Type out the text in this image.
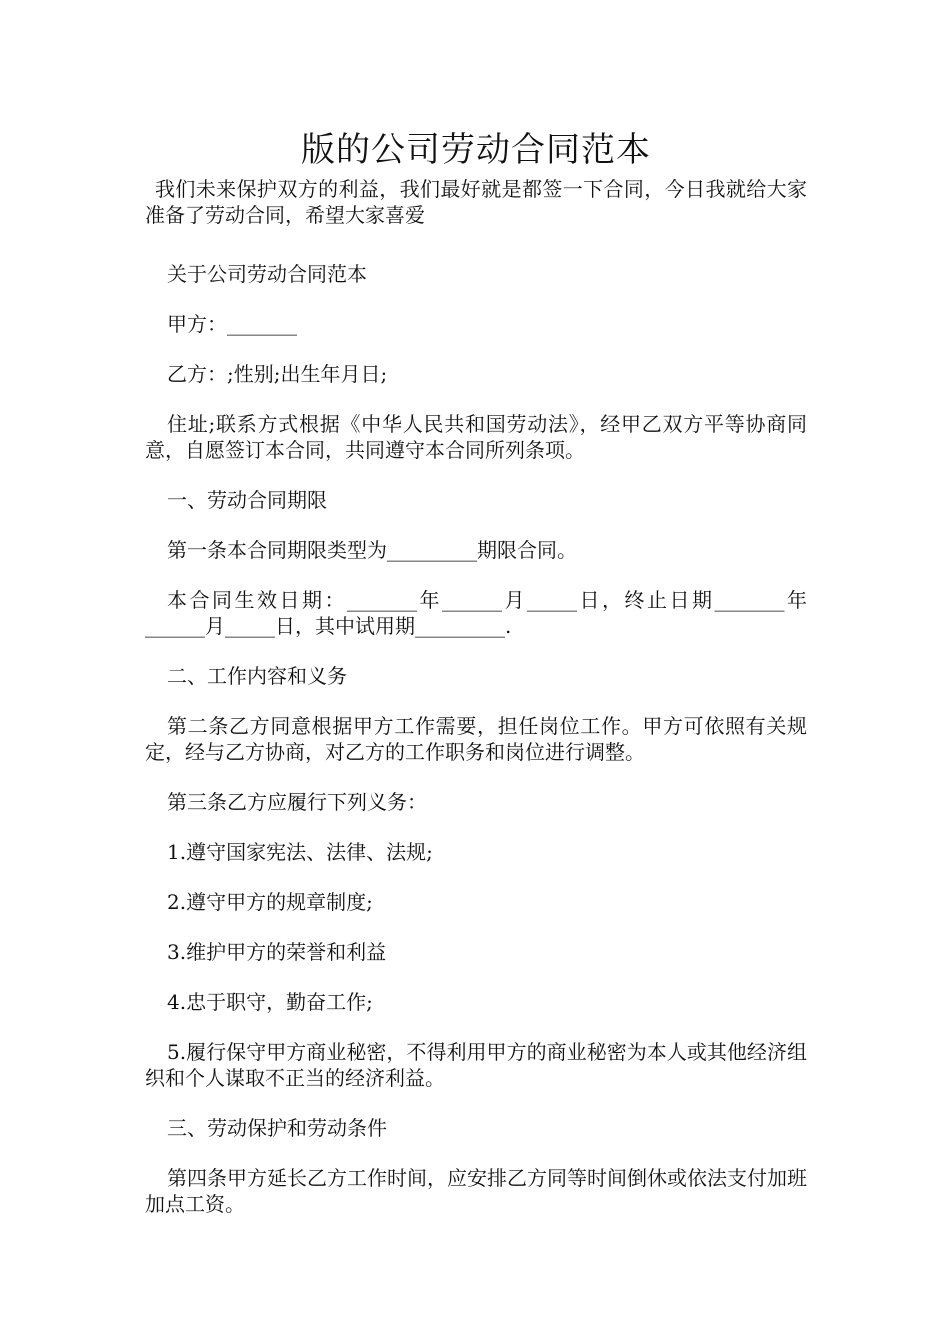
版的公司劳动合同范本

我们未来保护双方的利益，我们最好就是都签一下合同，今日我就给大家准备了劳动合同，希望大家喜爱

关于公司劳动合同范本

甲方：_______

乙方：;性别;出生年月日;

住址;联系方式根据《中华人民共和国劳动法》，经甲乙双方平等协商同意，自愿签订本合同，共同遵守本合同所列条项。

一、劳动合同期限

第一条本合同期限类型为_________期限合同。

本合同生效日期：_______年______月_____日，终止日期_______年______月_____日，其中试用期_________.

二、工作内容和义务

第二条乙方同意根据甲方工作需要，担任岗位工作。甲方可依照有关规定，经与乙方协商，对乙方的工作职务和岗位进行调整。

第三条乙方应履行下列义务：

1.遵守国家宪法、法律、法规;

2.遵守甲方的规章制度;

3.维护甲方的荣誉和利益

4.忠于职守，勤奋工作;

5.履行保守甲方商业秘密，不得利用甲方的商业秘密为本人或其他经济组织和个人谋取不正当的经济利益。

三、劳动保护和劳动条件

第四条甲方延长乙方工作时间，应安排乙方同等时间倒休或依法支付加班加点工资。
